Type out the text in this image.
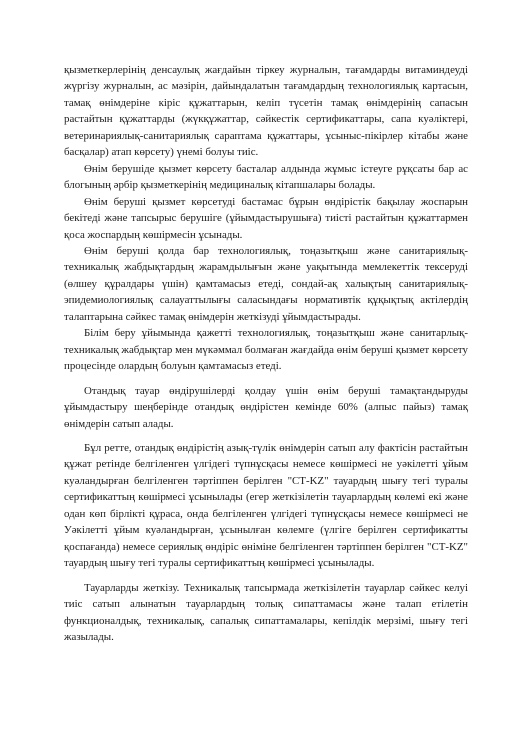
қызметкерлерінің денсаулық жағдайын тіркеу журналын, тағамдарды витаминдеуді жүргізу журналын, ас мәзірін, дайындалатын тағамдардың технологиялық картасын, тамақ өнімдеріне кіріс құжаттарын, келіп түсетін тамақ өнімдерінің сапасын растайтын құжаттарды (жүкқұжаттар, сәйкестік сертификаттары, сапа куәліктері, ветеринариялық-санитариялық сараптама құжаттары, ұсыныс-пікірлер кітабы және басқалар) атап көрсету) үнемі болуы тиіс.

Өнім берушіде қызмет көрсету басталар алдында жұмыс істеуге рұқсаты бар ас блогының әрбір қызметкерінің медициналық кітапшалары болады.

Өнім беруші қызмет көрсетуді бастамас бұрын өндірістік бақылау жоспарын бекітеді және тапсырыс берушіге (ұйымдастырушыға) тиісті растайтын құжаттармен қоса жоспардың көшірмесін ұсынады.

Өнім беруші қолда бар технологиялық, тоңазытқыш және санитариялық-техникалық жабдықтардың жарамдылығын және уақытында мемлекеттік тексеруді (өлшеу құралдары үшін) қамтамасыз етеді, сондай-ақ халықтың санитариялық-эпидемиологиялық салауаттылығы саласындағы нормативтік құқықтық актілердің талаптарына сәйкес тамақ өнімдерін жеткізуді ұйымдастырады.

Білім беру ұйымында қажетті технологиялық, тоңазытқыш және санитарлық-техникалық жабдықтар мен мүкәммал болмаған жағдайда өнім беруші қызмет көрсету процесінде олардың болуын қамтамасыз етеді.

Отандық тауар өндірушілерді қолдау үшін өнім беруші тамақтандыруды ұйымдастыру шеңберінде отандық өндірістен кемінде 60% (алпыс пайыз) тамақ өнімдерін сатып алады.

Бұл ретте, отандық өндірістің азық-түлік өнімдерін сатып алу фактісін растайтын құжат ретінде белгіленген үлгідегі түпнұсқасы немесе көшірмесі не уәкілетті ұйым куәландырған белгіленген тәртіппен берілген "СТ-KZ" тауардың шығу тегі туралы сертификаттың көшірмесі ұсынылады (егер жеткізілетін тауарлардың көлемі екі және одан көп бірлікті құраса, онда белгіленген үлгідегі түпнұсқасы немесе көшірмесі не Уәкілетті ұйым куәландырған, ұсынылған көлемге (үлгіге берілген сертификатты қоспағанда) немесе сериялық өндіріс өніміне белгіленген тәртіппен берілген "СТ-KZ" тауардың шығу тегі туралы сертификаттың көшірмесі ұсынылады.

Тауарларды жеткізу. Техникалық тапсырмада жеткізілетін тауарлар сәйкес келуі тиіс сатып алынатын тауарлардың толық сипаттамасы және талап етілетін функционалдық, техникалық, сапалық сипаттамалары, кепілдік мерзімі, шығу тегі жазылады.
